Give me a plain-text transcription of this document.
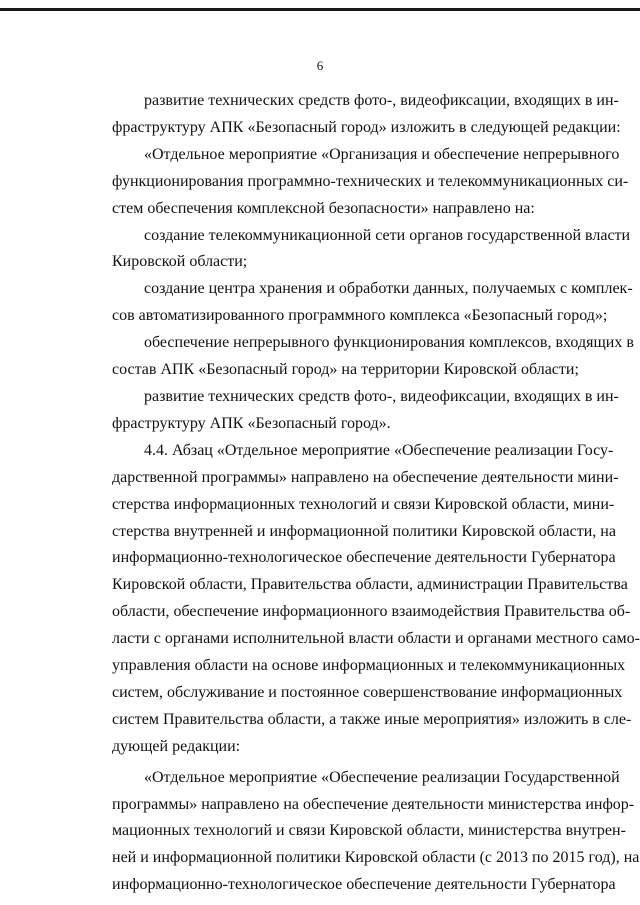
6
развитие технических средств фото-, видеофиксации, входящих в ин-
фраструктуру АПК «Безопасный город» изложить в следующей редакции:
«Отдельное мероприятие «Организация и обеспечение непрерывного
функционирования программно-технических и телекоммуникационных си-
стем обеспечения комплексной безопасности» направлено на:
создание телекоммуникационной сети органов государственной власти
Кировской области;
создание центра хранения и обработки данных, получаемых с комплек-
сов автоматизированного программного комплекса «Безопасный город»;
обеспечение непрерывного функционирования комплексов, входящих в
состав АПК «Безопасный город» на территории Кировской области;
развитие технических средств фото-, видеофиксации, входящих в ин-
фраструктуру АПК «Безопасный город».
4.4. Абзац «Отдельное мероприятие «Обеспечение реализации Госу-
дарственной программы» направлено на обеспечение деятельности мини-
стерства информационных технологий и связи Кировской области, мини-
стерства внутренней и информационной политики Кировской области, на
информационно-технологическое обеспечение деятельности Губернатора
Кировской области, Правительства области, администрации Правительства
области, обеспечение информационного взаимодействия Правительства об-
ласти с органами исполнительной власти области и органами местного само-
управления области на основе информационных и телекоммуникационных
систем, обслуживание и постоянное совершенствование информационных
систем Правительства области, а также иные мероприятия» изложить в сле-
дующей редакции:
«Отдельное мероприятие «Обеспечение реализации Государственной
программы» направлено на обеспечение деятельности министерства инфор-
мационных технологий и связи Кировской области, министерства внутрен-
ней и информационной политики Кировской области (с 2013 по 2015 год), на
информационно-технологическое обеспечение деятельности Губернатора
